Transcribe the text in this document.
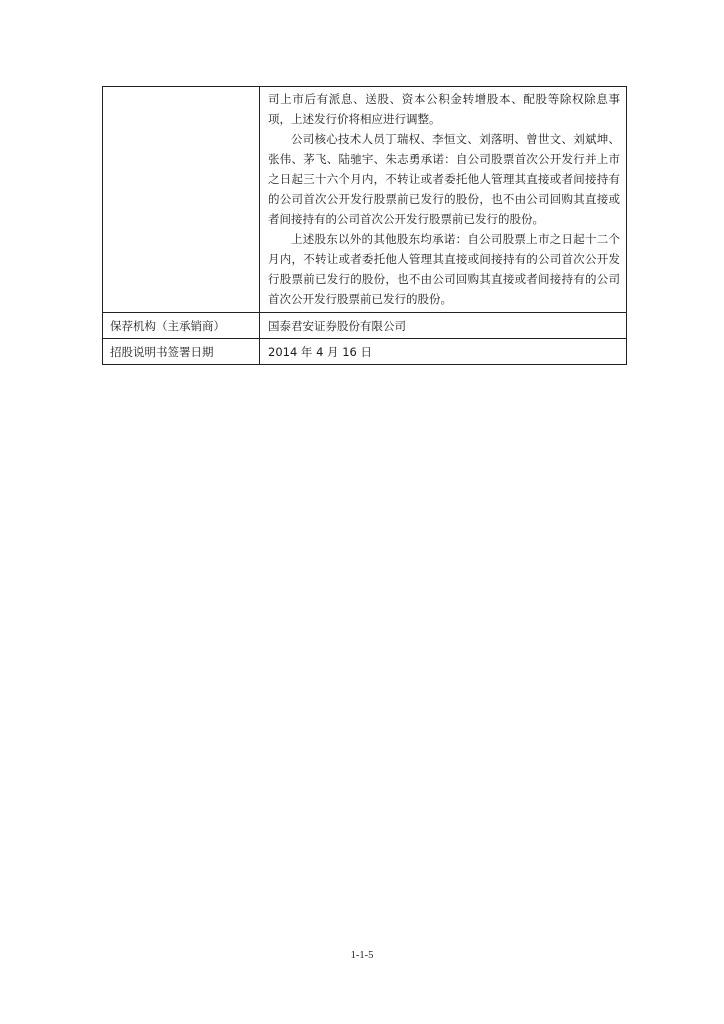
	司上市后有派息、送股、资本公积金转增股本、配股等除权除息事项，上述发行价将相应进行调整。

公司核心技术人员丁瑞权、李恒文、刘落明、曾世文、刘斌坤、张伟、茅飞、陆驰宇、朱志勇承诺：自公司股票首次公开发行并上市之日起三十六个月内，不转让或者委托他人管理其直接或者间接持有的公司首次公开发行股票前已发行的股份，也不由公司回购其直接或者间接持有的公司首次公开发行股票前已发行的股份。

上述股东以外的其他股东均承诺：自公司股票上市之日起十二个月内，不转让或者委托他人管理其直接或间接持有的公司首次公开发行股票前已发行的股份，也不由公司回购其直接或者间接持有的公司首次公开发行股票前已发行的股份。

保荐机构（主承销商）	国泰君安证券股份有限公司

招股说明书签署日期	2014 年 4 月 16 日
1-1-5
